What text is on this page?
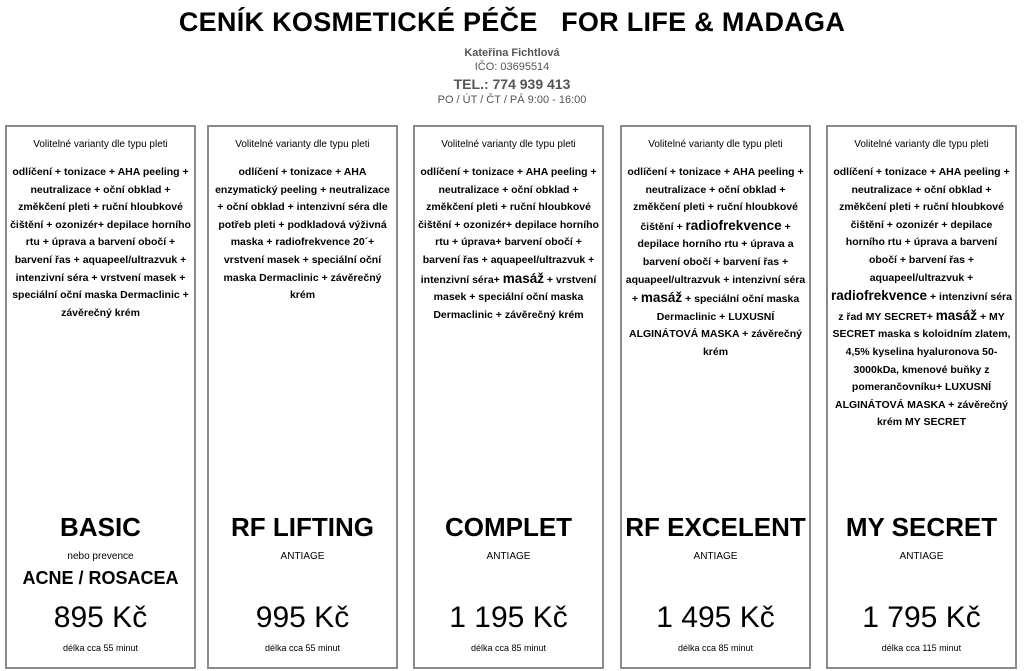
CENÍK KOSMETICKÉ PÉČE   FOR LIFE & MADAGA
Kateřina Fichtlová
IČO: 03695514
TEL.: 774 939 413
PO / ÚT / ČT / PÁ 9:00 - 16:00
Volitelné varianty dle typu pleti
odlíčení + tonizace + AHA peeling + neutralizace + oční obklad + změkčení pleti + ruční hloubkové čištění + ozonizér+ depilace horního rtu + úprava a barvení obočí + barvení řas + aquapeel/ultrazvuk + intenzivní séra + vrstvení masek + speciální oční maska Dermaclinic + závěrečný krém
BASIC
nebo prevence
ACNE / ROSACEA
895 Kč
délka cca 55 minut
Volitelné varianty dle typu pleti
odlíčení + tonizace + AHA enzymatický peeling + neutralizace + oční obklad + intenzivní séra dle potřeb pleti + podkladová výživná maska + radiofrekvence 20´+ vrstvení masek + speciální oční maska Dermaclinic + závěrečný krém
RF LIFTING
ANTIAGE
995 Kč
délka cca 55 minut
Volitelné varianty dle typu pleti
odlíčení + tonizace + AHA peeling + neutralizace + oční obklad + změkčení pleti + ruční hloubkové čištění + ozonizér+ depilace horního rtu + úprava+ barvení obočí + barvení řas + aquapeel/ultrazvuk + intenzivní séra+ masáž + vrstvení masek + speciální oční maska Dermaclinic + závěrečný krém
COMPLET
ANTIAGE
1 195 Kč
délka cca 85 minut
Volitelné varianty dle typu pleti
odlíčení + tonizace + AHA peeling + neutralizace + oční obklad + změkčení pleti + ruční hloubkové čištění + radiofrekvence + depilace horního rtu + úprava a barvení obočí + barvení řas + aquapeel/ultrazvuk + intenzivní séra + masáž + speciální oční maska Dermaclinic + LUXUSNÍ ALGINÁTOVÁ MASKA + závěrečný krém
RF EXCELENT
ANTIAGE
1 495 Kč
délka cca 85 minut
Volitelné varianty dle typu pleti
odlíčení + tonizace + AHA peeling + neutralizace + oční obklad + změkčení pleti + ruční hloubkové čištění + ozonizér + depilace horního rtu + úprava a barvení obočí + barvení řas + aquapeel/ultrazvuk + radiofrekvence + intenzivní séra z řad MY SECRET+ masáž + MY SECRET maska s koloidním zlatem, 4,5% kyselina hyaluronova 50-3000kDa, kmenové buňky z pomerančovníku+ LUXUSNÍ ALGINÁTOVÁ MASKA + závěrečný krém MY SECRET
MY SECRET
ANTIAGE
1 795 Kč
délka cca 115 minut
